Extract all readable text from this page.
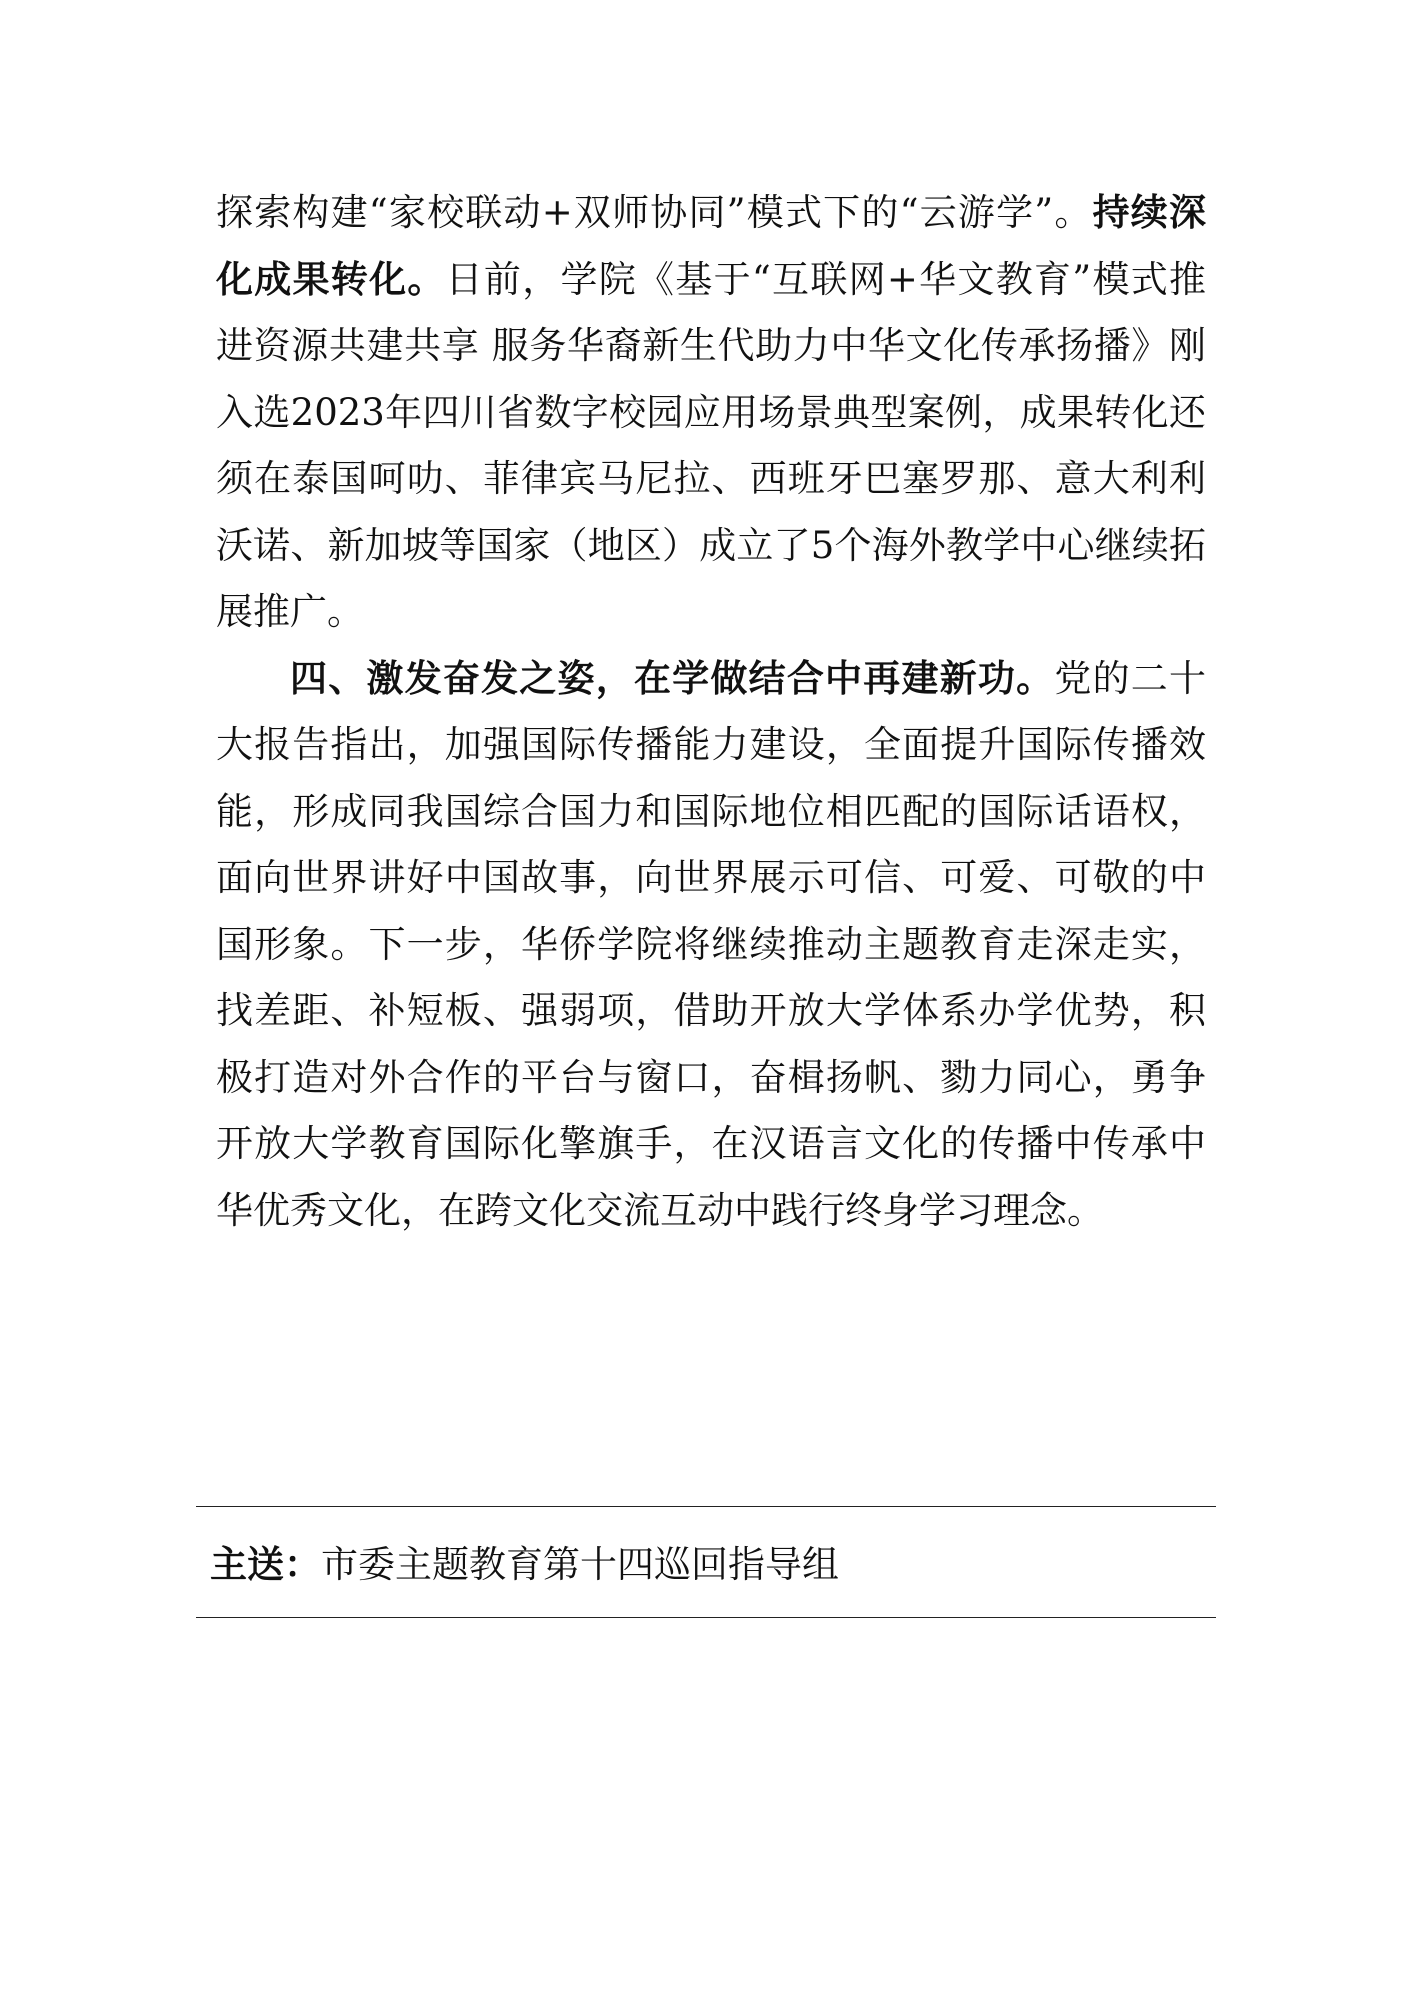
探索构建“家校联动+双师协同”模式下的“云游学”。持续深化成果转化。日前，学院《基于“互联网+华文教育”模式推进资源共建共享 服务华裔新生代助力中华文化传承扬播》刚入选2023年四川省数字校园应用场景典型案例，成果转化还须在泰国呵叻、菲律宾马尼拉、西班牙巴塞罗那、意大利利沃诺、新加坡等国家（地区）成立了5个海外教学中心继续拓展推广。

四、激发奋发之姿，在学做结合中再建新功。党的二十大报告指出，加强国际传播能力建设，全面提升国际传播效能，形成同我国综合国力和国际地位相匹配的国际话语权，面向世界讲好中国故事，向世界展示可信、可爱、可敬的中国形象。下一步，华侨学院将继续推动主题教育走深走实，找差距、补短板、强弱项，借助开放大学体系办学优势，积极打造对外合作的平台与窗口，奋楫扬帆、勠力同心，勇争开放大学教育国际化擎旗手，在汉语言文化的传播中传承中华优秀文化，在跨文化交流互动中践行终身学习理念。

主送：市委主题教育第十四巡回指导组
